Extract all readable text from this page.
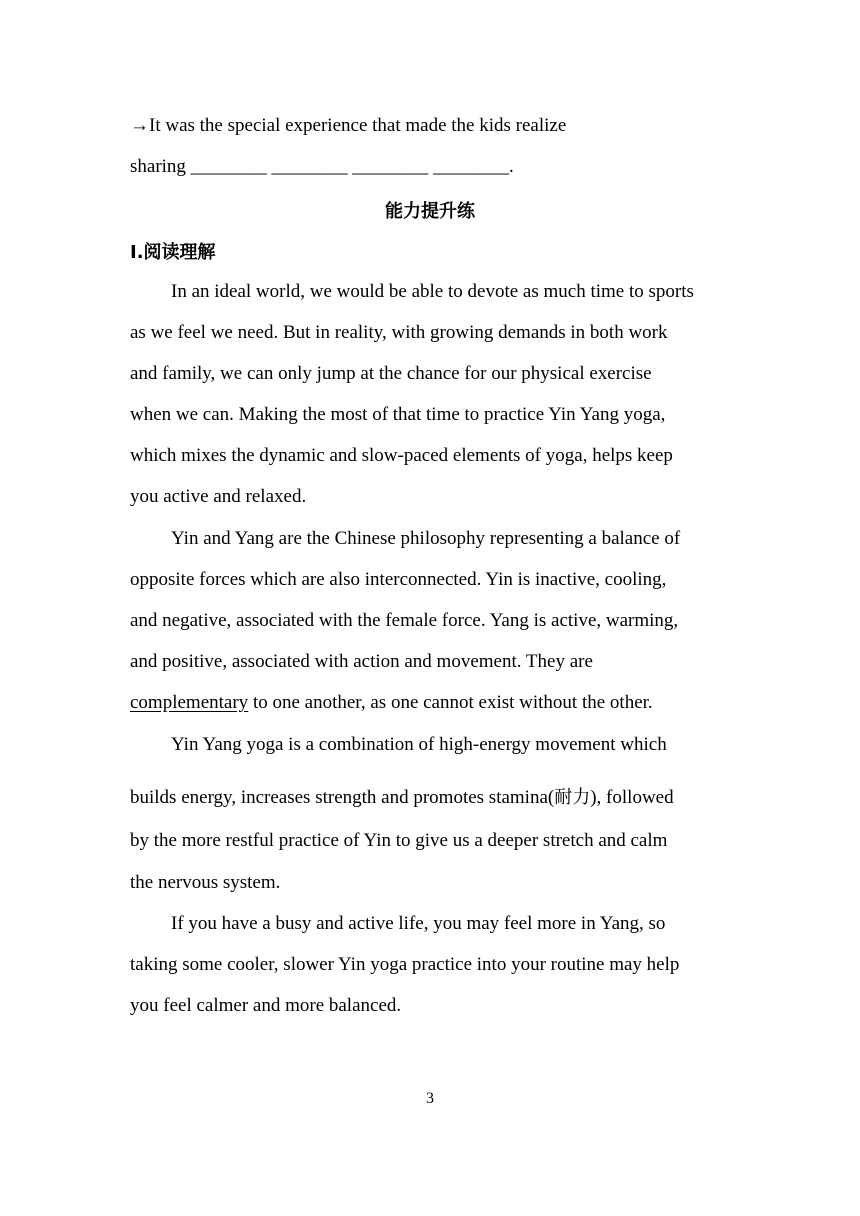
→It was the special experience that made the kids realize
sharing ________ ________ ________ ________.
能力提升练
Ⅰ.阅读理解
In an ideal world, we would be able to devote as much time to sports
as we feel we need. But in reality, with growing demands in both work
and family, we can only jump at the chance for our physical exercise
when we can. Making the most of that time to practice Yin Yang yoga,
which mixes the dynamic and slow-paced elements of yoga, helps keep
you active and relaxed.
Yin and Yang are the Chinese philosophy representing a balance of
opposite forces which are also interconnected. Yin is inactive, cooling,
and negative, associated with the female force. Yang is active, warming,
and positive, associated with action and movement. They are
complementary to one another, as one cannot exist without the other.
Yin Yang yoga is a combination of high-energy movement which
builds energy, increases strength and promotes stamina(耐力), followed
by the more restful practice of Yin to give us a deeper stretch and calm
the nervous system.
If you have a busy and active life, you may feel more in Yang, so
taking some cooler, slower Yin yoga practice into your routine may help
you feel calmer and more balanced.
3
